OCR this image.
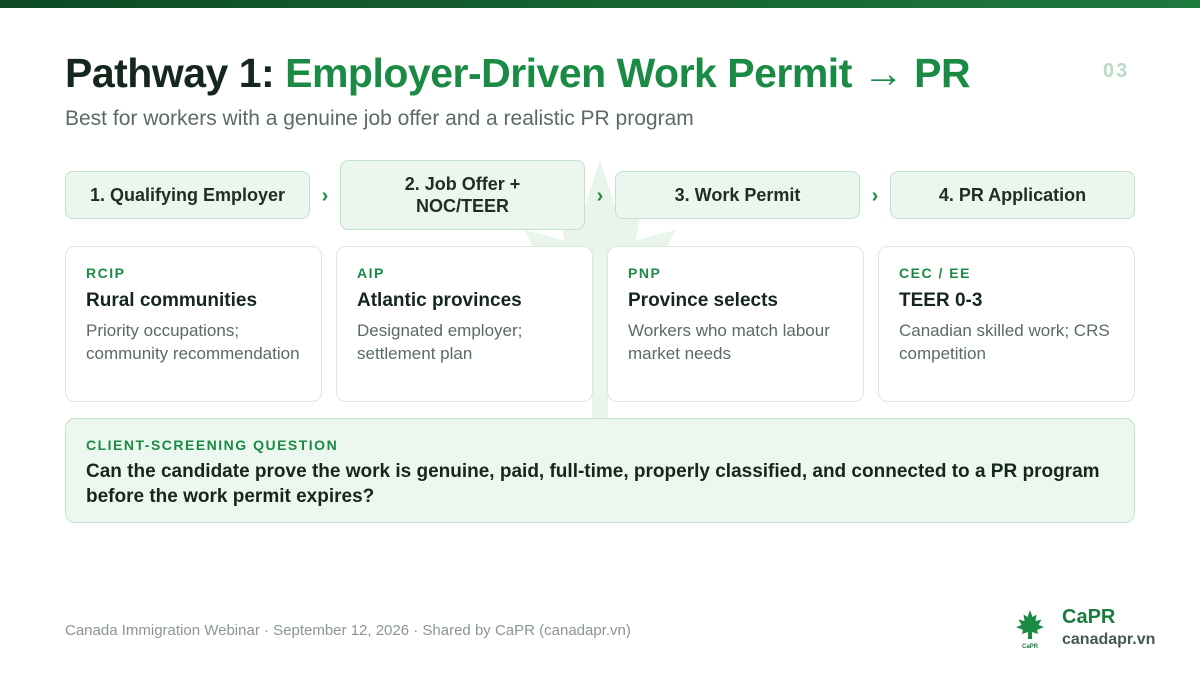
Pathway 1: Employer-Driven Work Permit → PR	03
Best for workers with a genuine job offer and a realistic PR program
1. Qualifying Employer ›
2. Job Offer + NOC/TEER	›	3. Work Permit	›	4. PR Application
RCIP
Rural communities
Priority occupations; community recommendation
AIP
Atlantic provinces
Designated employer; settlement plan
PNP
Province selects
Workers who match labour market needs
CEC / EE
TEER 0-3
Canadian skilled work; CRS competition
CLIENT-SCREENING QUESTION
Can the candidate prove the work is genuine, paid, full-time, properly classified, and connected to a PR program before the work permit expires?
Canada Immigration Webinar · September 12, 2026 · Shared by CaPR (canadapr.vn)
CaPR
CaPR
canadapr.vn
